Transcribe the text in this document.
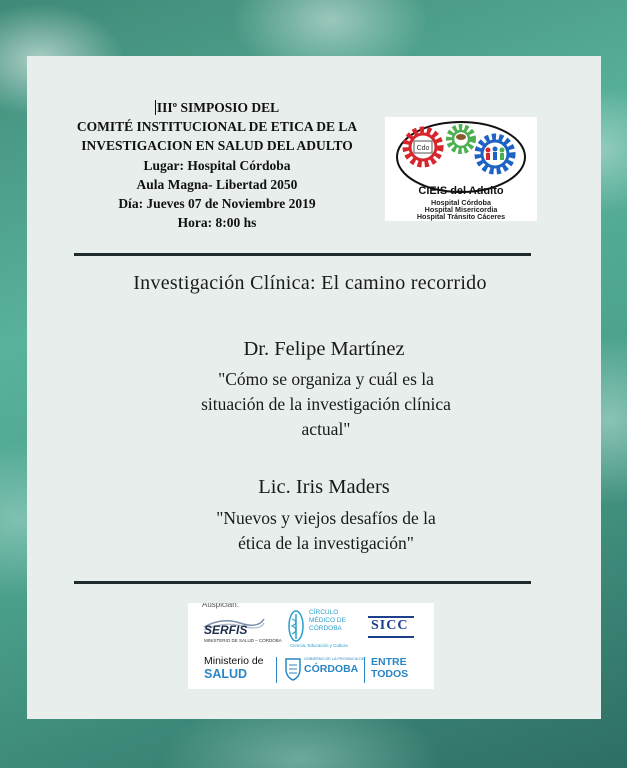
IIIº SIMPOSIO DEL
COMITÉ INSTITUCIONAL DE ETICA DE LA
INVESTIGACION EN SALUD DEL ADULTO
Lugar: Hospital Córdoba
Aula Magna- Libertad 2050
Día: Jueves 07 de Noviembre 2019
Hora: 8:00 hs
Cdo
CIEIS del Adulto
Hospital Córdoba
Hospital Misericordia
Hospital Tránsito Cáceres
Investigación Clínica: El camino recorrido
Dr. Felipe Martínez
"Cómo se organiza y cuál es la
situación de la investigación clínica
actual"
Lic. Iris Maders
"Nuevos y viejos desafíos de la
ética de la investigación"
Auspician:
SERFIS
MINISTERIO DE SALUD – CÓRDOBA
CÍRCULO
MÉDICO DE
CÓRDOBA
Ciencia, Educación y Cultura
SICC
Ministerio de
SALUD
GOBIERNO DE LA PROVINCIA DE
CÓRDOBA
ENTRE
TODOS
